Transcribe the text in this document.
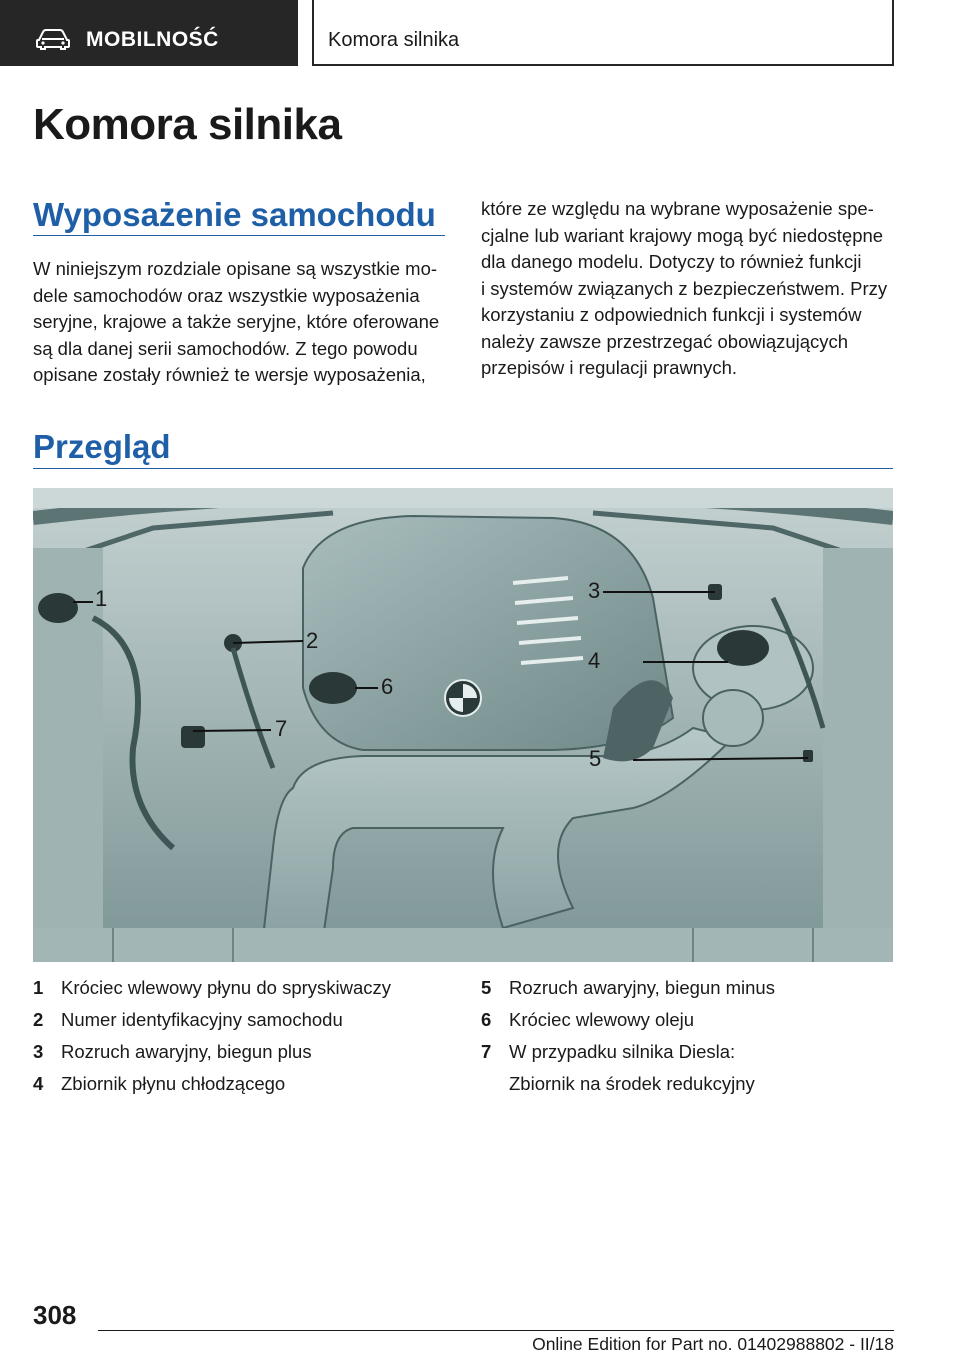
MOBILNOŚĆ	Komora silnika
Komora silnika
Wyposażenie samochodu
W niniejszym rozdziale opisane są wszystkie mo-
dele samochodów oraz wszystkie wyposażenia
seryjne, krajowe a także seryjne, które oferowane
są dla danej serii samochodów. Z tego powodu
opisane zostały również te wersje wyposażenia,
które ze względu na wybrane wyposażenie spe-
cjalne lub wariant krajowy mogą być niedostępne
dla danego modelu. Dotyczy to również funkcji
i systemów związanych z bezpieczeństwem. Przy
korzystaniu z odpowiednich funkcji i systemów
należy zawsze przestrzegać obowiązujących
przepisów i regulacji prawnych.
Przegląd
1
2
3
4
5
6
7
1 Króciec wlewowy płynu do spryskiwaczy
2 Numer identyfikacyjny samochodu
3 Rozruch awaryjny, biegun plus
4 Zbiornik płynu chłodzącego
5 Rozruch awaryjny, biegun minus
6 Króciec wlewowy oleju
7 W przypadku silnika Diesla:
Zbiornik na środek redukcyjny
308
Online Edition for Part no. 01402988802 - II/18
